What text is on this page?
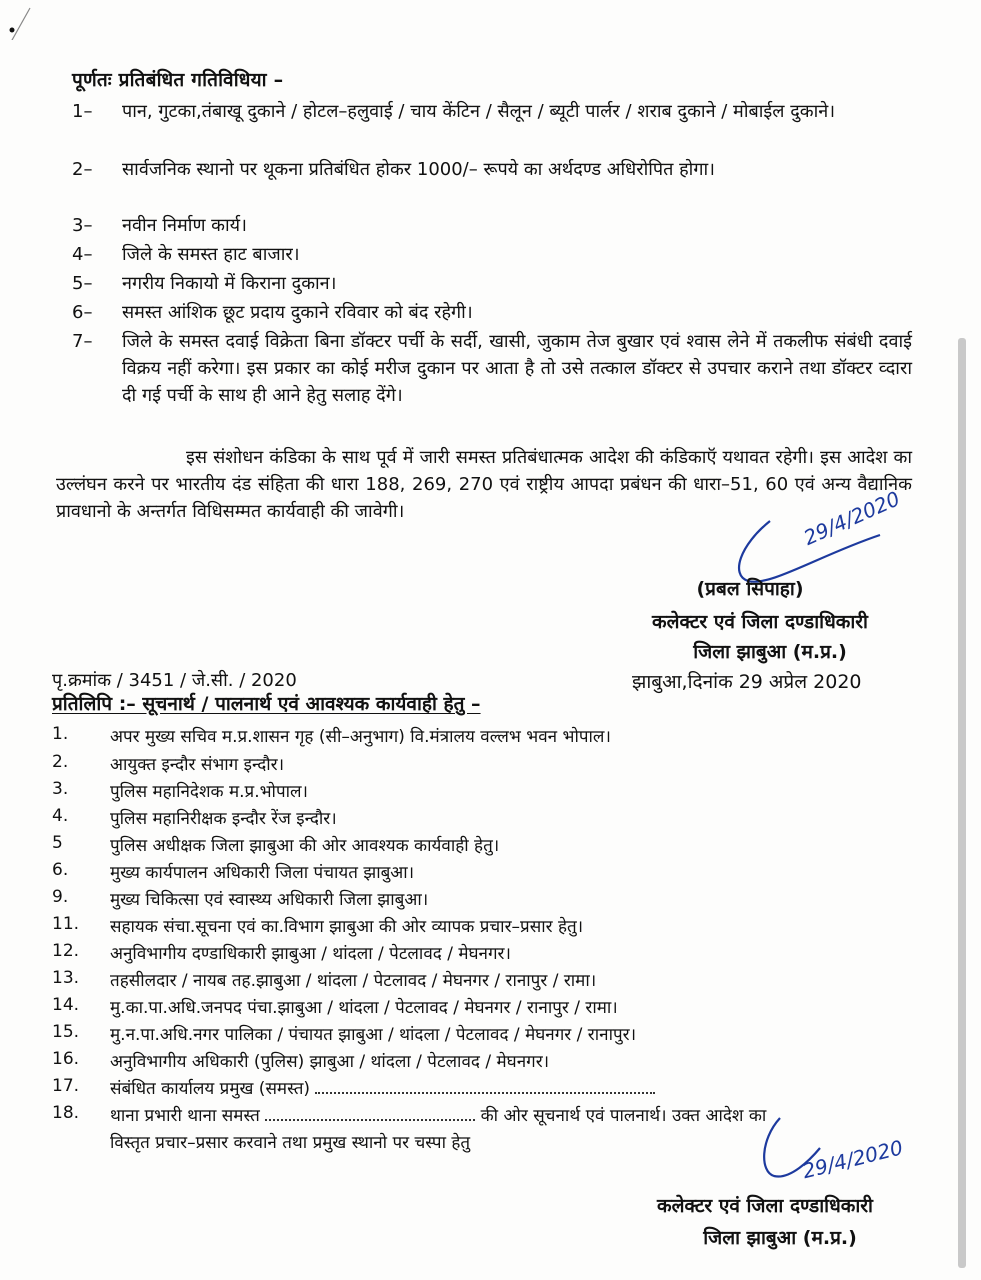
पूर्णतः प्रतिबंधित गतिविधिया –
1–	पान, गुटका,तंबाखू दुकाने / होटल–हलुवाई / चाय केंटिन / सैलून / ब्यूटी पार्लर / शराब दुकाने / मोबाईल दुकाने।
2–	सार्वजनिक स्थानो पर थूकना प्रतिबंधित होकर 1000/– रूपये का अर्थदण्ड अधिरोपित होगा।
3–	नवीन निर्माण कार्य।
4–	जिले के समस्त हाट बाजार।
5–	नगरीय निकायो में किराना दुकान।
6–	समस्त आंशिक छूट प्रदाय दुकाने रविवार को बंद रहेगी।
7–	जिले के समस्त दवाई विक्रेता बिना डॉक्टर पर्ची के सर्दी, खासी, जुकाम तेज बुखार एवं श्वास लेने में तकलीफ संबंधी दवाई विक्रय नहीं करेगा। इस प्रकार का कोई मरीज दुकान पर आता है तो उसे तत्काल डॉक्टर से उपचार कराने तथा डॉक्टर व्दारा दी गई पर्ची के साथ ही आने हेतु सलाह देंगे।
इस संशोधन कंडिका के साथ पूर्व में जारी समस्त प्रतिबंधात्मक आदेश की कंडिकाऍ यथावत रहेगी। इस आदेश का उल्लंघन करने पर भारतीय दंड संहिता की धारा 188, 269, 270 एवं राष्ट्रीय आपदा प्रबंधन की धारा–51, 60 एवं अन्य वैद्यानिक प्रावधानो के अन्तर्गत विधिसम्मत कार्यवाही की जावेगी।	29/4/2020
(प्रबल सिपाहा)
कलेक्टर एवं जिला दण्डाधिकारी
जिला झाबुआ (म.प्र.)
पृ.क्रमांक / 3451 / जे.सी. / 2020	झाबुआ,दिनांक 29 अप्रेल 2020
प्रतिलिपि :– सूचनार्थ / पालनार्थ एवं आवश्यक कार्यवाही हेतु –
1.	अपर मुख्य सचिव म.प्र.शासन गृह (सी–अनुभाग) वि.मंत्रालय वल्लभ भवन भोपाल।
2.	आयुक्त इन्दौर संभाग इन्दौर।
3.	पुलिस महानिदेशक म.प्र.भोपाल।
4.	पुलिस महानिरीक्षक इन्दौर रेंज इन्दौर।
5	पुलिस अधीक्षक जिला झाबुआ की ओर आवश्यक कार्यवाही हेतु।
6.	मुख्य कार्यपालन अधिकारी जिला पंचायत झाबुआ।
9.	मुख्य चिकित्सा एवं स्वास्थ्य अधिकारी जिला झाबुआ।
11.	सहायक संचा.सूचना एवं का.विभाग झाबुआ की ओर व्यापक प्रचार–प्रसार हेतु।
12.	अनुविभागीय दण्डाधिकारी झाबुआ / थांदला / पेटलावद / मेघनगर।
13.	तहसीलदार / नायब तह.झाबुआ / थांदला / पेटलावद / मेघनगर / रानापुर / रामा।
14.	मु.का.पा.अधि.जनपद पंचा.झाबुआ / थांदला / पेटलावद / मेघनगर / रानापुर / रामा।
15.	मु.न.पा.अधि.नगर पालिका / पंचायत झाबुआ / थांदला / पेटलावद / मेघनगर / रानापुर।
16.	अनुविभागीय अधिकारी (पुलिस) झाबुआ / थांदला / पेटलावद / मेघनगर।
17.	संबंधित कार्यालय प्रमुख (समस्त)
18.	थाना प्रभारी थाना समस्त	की ओर सूचनार्थ एवं पालनार्थ। उक्त आदेश का
विस्तृत प्रचार–प्रसार करवाने तथा प्रमुख स्थानो पर चस्पा हेतु	29/4/2020
कलेक्टर एवं जिला दण्डाधिकारी
जिला झाबुआ (म.प्र.)
